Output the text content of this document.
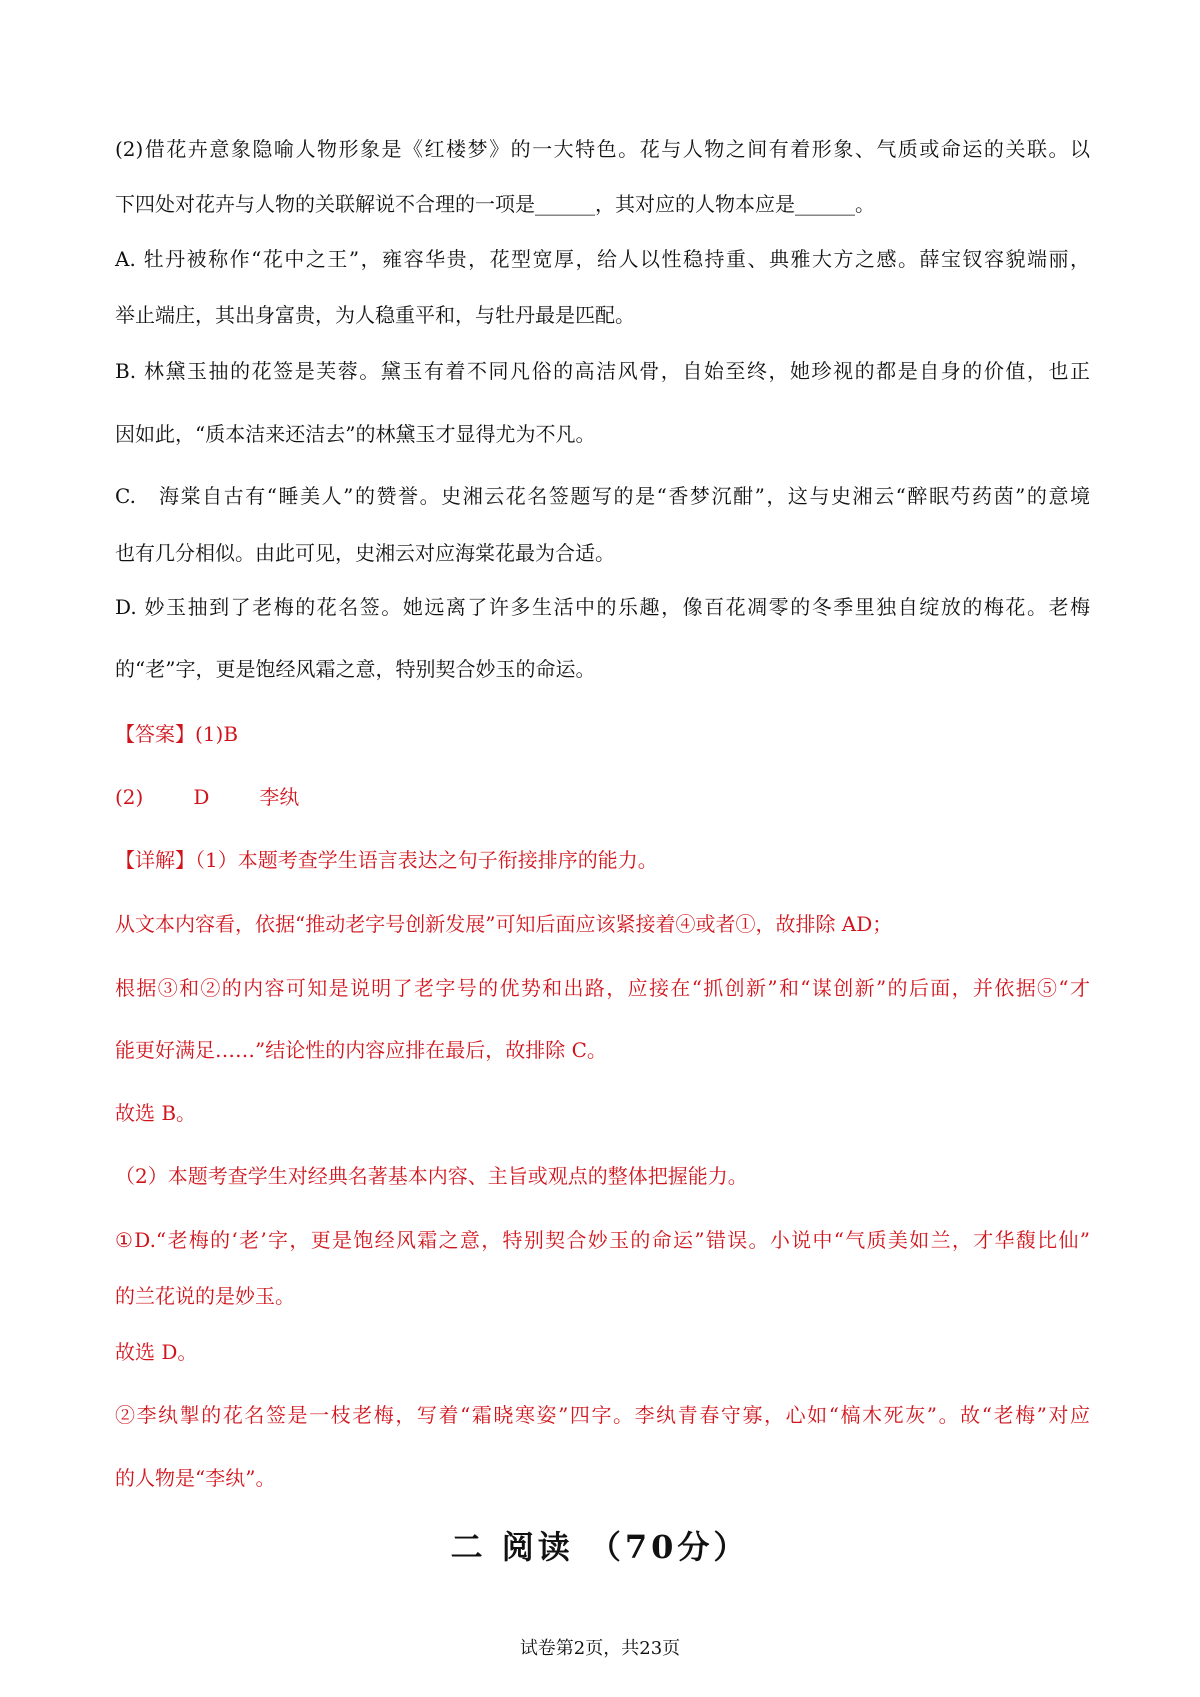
(2)借花卉意象隐喻人物形象是《红楼梦》的一大特色。花与人物之间有着形象、气质或命运的关联。以
下四处对花卉与人物的关联解说不合理的一项是______，其对应的人物本应是______。
A. 牡丹被称作“花中之王”，雍容华贵，花型宽厚，给人以性稳持重、典雅大方之感。薛宝钗容貌端丽，
举止端庄，其出身富贵，为人稳重平和，与牡丹最是匹配。
B. 林黛玉抽的花签是芙蓉。黛玉有着不同凡俗的高洁风骨，自始至终，她珍视的都是自身的价值，也正
因如此，“质本洁来还洁去”的林黛玉才显得尤为不凡。
C.　海棠自古有“睡美人”的赞誉。史湘云花名签题写的是“香梦沉酣”，这与史湘云“醉眠芍药茵”的意境
也有几分相似。由此可见，史湘云对应海棠花最为合适。
D. 妙玉抽到了老梅的花名签。她远离了许多生活中的乐趣，像百花凋零的冬季里独自绽放的梅花。老梅
的“老”字，更是饱经风霜之意，特别契合妙玉的命运。
【答案】(1)B
(2)	D	李纨
【详解】（1）本题考查学生语言表达之句子衔接排序的能力。
从文本内容看，依据“推动老字号创新发展”可知后面应该紧接着④或者①，故排除 AD；
根据③和②的内容可知是说明了老字号的优势和出路，应接在“抓创新”和“谋创新”的后面，并依据⑤“才
能更好满足……”结论性的内容应排在最后，故排除 C。
故选 B。
（2）本题考查学生对经典名著基本内容、主旨或观点的整体把握能力。
①D.“老梅的‘老’字，更是饱经风霜之意，特别契合妙玉的命运”错误。小说中“气质美如兰，才华馥比仙”
的兰花说的是妙玉。
故选 D。
②李纨掣的花名签是一枝老梅，写着“霜晓寒姿”四字。李纨青春守寡，心如“槁木死灰”。故“老梅”对应
的人物是“李纨”。
二 阅读 （70分）
试卷第2页，共23页
